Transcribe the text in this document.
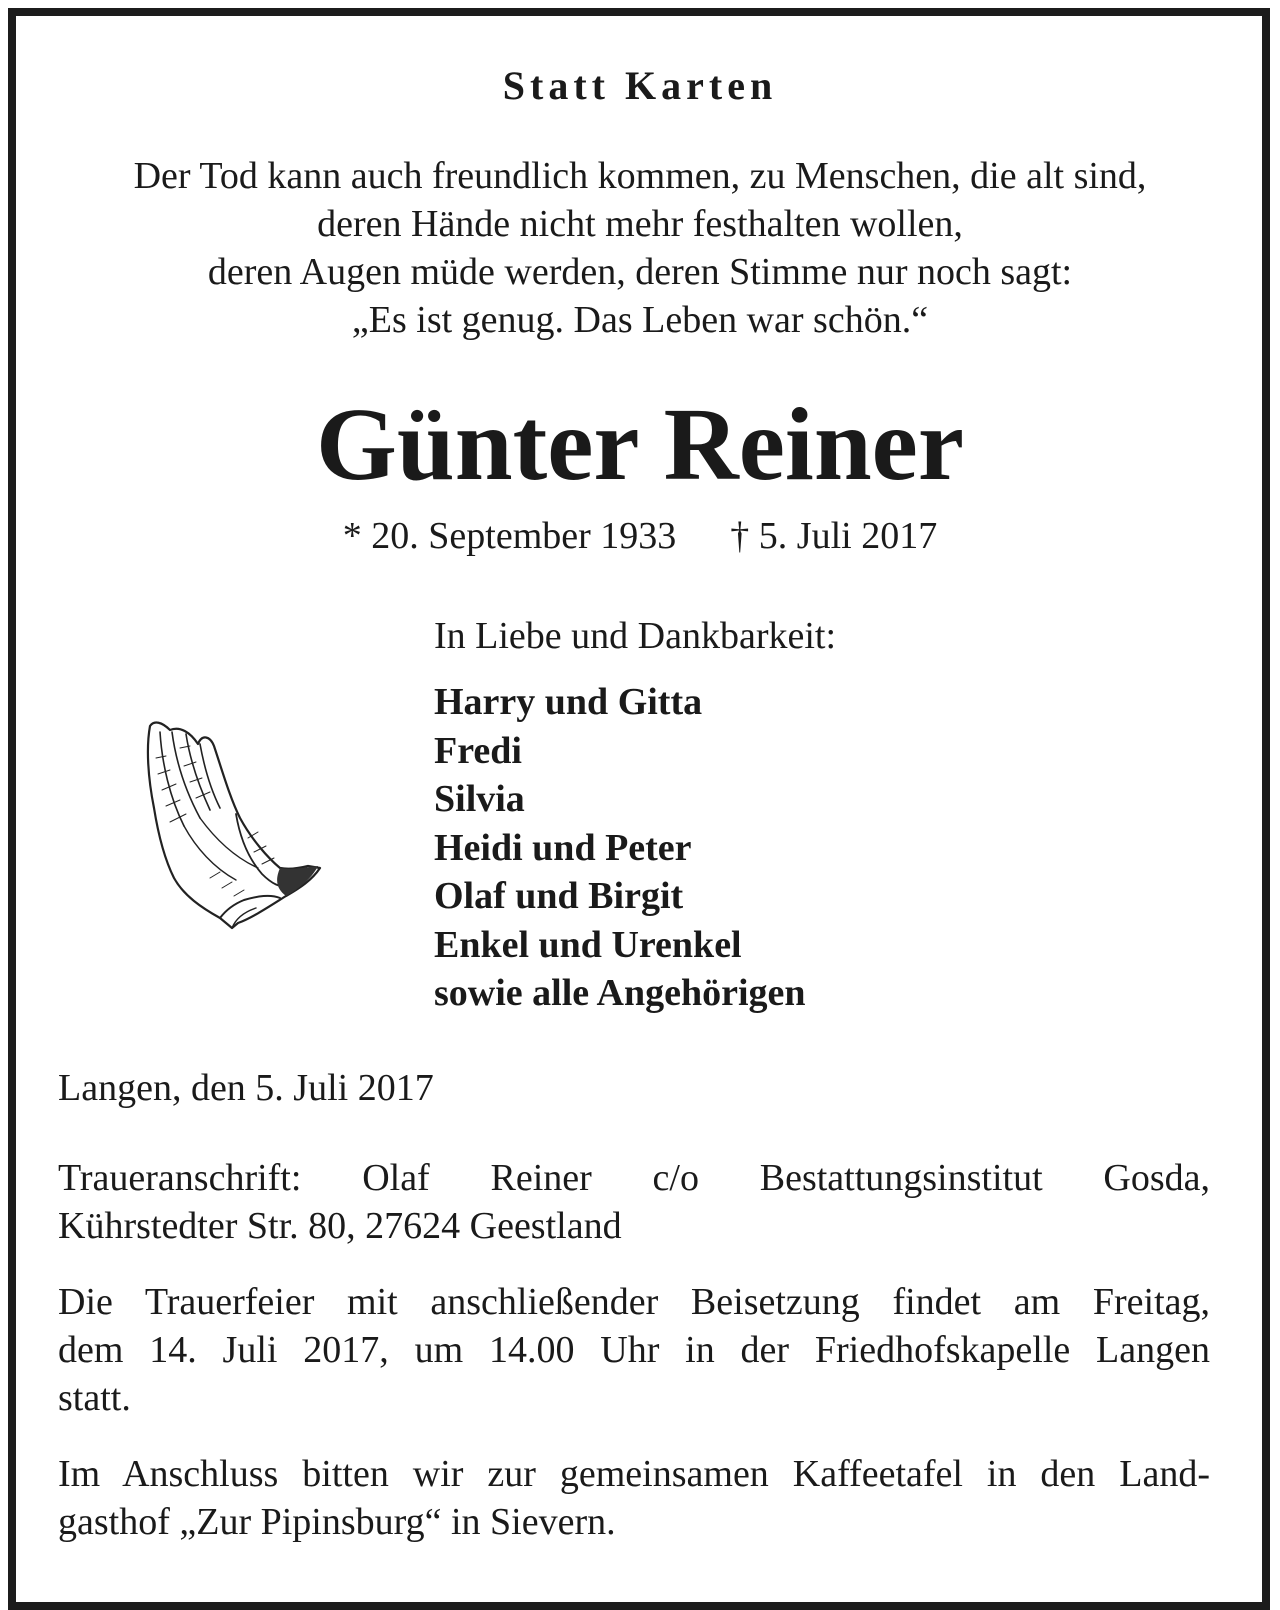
Statt Karten
Der Tod kann auch freundlich kommen, zu Menschen, die alt sind,
deren Hände nicht mehr festhalten wollen,
deren Augen müde werden, deren Stimme nur noch sagt:
„Es ist genug. Das Leben war schön.“
Günter Reiner
* 20. September 1933 † 5. Juli 2017
In Liebe und Dankbarkeit:
Harry und Gitta
Fredi
Silvia
Heidi und Peter
Olaf und Birgit
Enkel und Urenkel
sowie alle Angehörigen
Langen, den 5. Juli 2017
Traueranschrift: Olaf Reiner c/o Bestattungsinstitut Gosda,
Kührstedter Str. 80, 27624 Geestland
Die Trauerfeier mit anschließender Beisetzung findet am Freitag,
dem 14. Juli 2017, um 14.00 Uhr in der Friedhofskapelle Langen
statt.
Im Anschluss bitten wir zur gemeinsamen Kaffeetafel in den Land-
gasthof „Zur Pipinsburg“ in Sievern.
